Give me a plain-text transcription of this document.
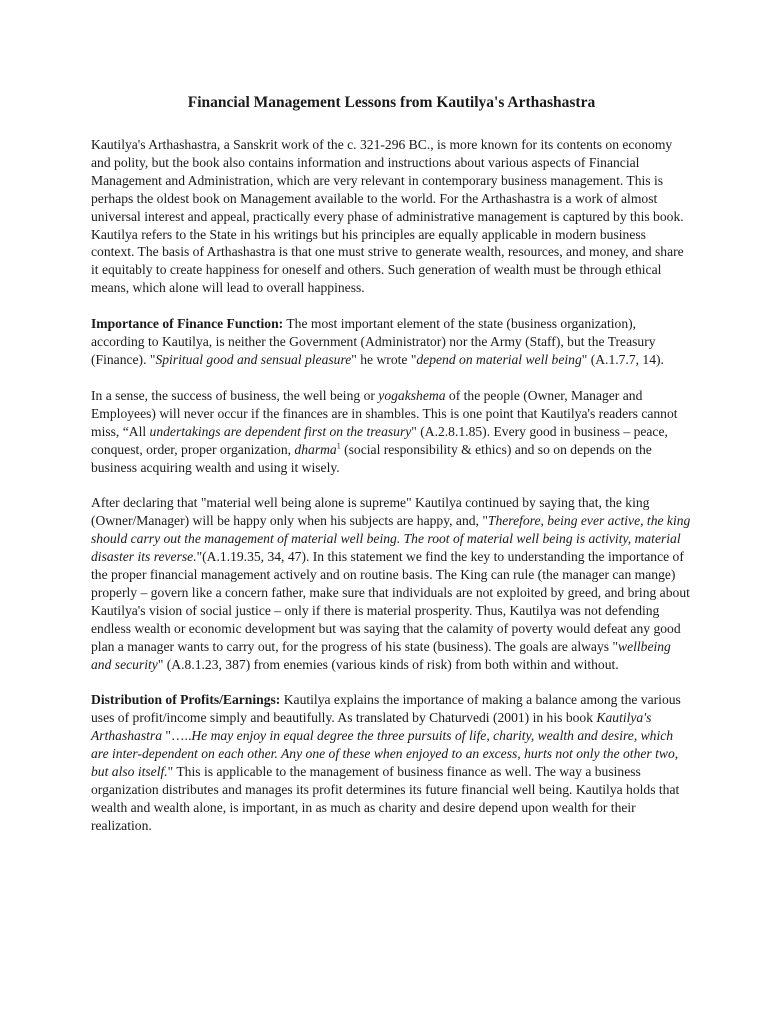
Financial Management Lessons from Kautilya's Arthashastra

Kautilya's Arthashastra, a Sanskrit work of the c. 321-296 BC., is more known for its contents on economy and polity, but the book also contains information and instructions about various aspects of Financial Management and Administration, which are very relevant in contemporary business management. This is perhaps the oldest book on Management available to the world. For the Arthashastra is a work of almost universal interest and appeal, practically every phase of administrative management is captured by this book. Kautilya refers to the State in his writings but his principles are equally applicable in modern business context. The basis of Arthashastra is that one must strive to generate wealth, resources, and money, and share it equitably to create happiness for oneself and others. Such generation of wealth must be through ethical means, which alone will lead to overall happiness.

Importance of Finance Function: The most important element of the state (business organization), according to Kautilya, is neither the Government (Administrator) nor the Army (Staff), but the Treasury (Finance). "Spiritual good and sensual pleasure" he wrote "depend on material well being" (A.1.7.7, 14).

In a sense, the success of business, the well being or yogakshema of the people (Owner, Manager and Employees) will never occur if the finances are in shambles. This is one point that Kautilya's readers cannot miss, “All undertakings are dependent first on the treasury" (A.2.8.1.85). Every good in business – peace, conquest, order, proper organization, dharma$^1$ (social responsibility & ethics) and so on depends on the business acquiring wealth and using it wisely.

After declaring that "material well being alone is supreme" Kautilya continued by saying that, the king (Owner/Manager) will be happy only when his subjects are happy, and, "Therefore, being ever active, the king should carry out the management of material well being. The root of material well being is activity, material disaster its reverse."(A.1.19.35, 34, 47). In this statement we find the key to understanding the importance of the proper financial management actively and on routine basis. The King can rule (the manager can mange) properly – govern like a concern father, make sure that individuals are not exploited by greed, and bring about Kautilya's vision of social justice – only if there is material prosperity. Thus, Kautilya was not defending endless wealth or economic development but was saying that the calamity of poverty would defeat any good plan a manager wants to carry out, for the progress of his state (business). The goals are always "wellbeing and security" (A.8.1.23, 387) from enemies (various kinds of risk) from both within and without.

Distribution of Profits/Earnings: Kautilya explains the importance of making a balance among the various uses of profit/income simply and beautifully. As translated by Chaturvedi (2001) in his book Kautilya's Arthashastra "…..He may enjoy in equal degree the three pursuits of life, charity, wealth and desire, which are inter-dependent on each other. Any one of these when enjoyed to an excess, hurts not only the other two, but also itself." This is applicable to the management of business finance as well. The way a business organization distributes and manages its profit determines its future financial well being. Kautilya holds that wealth and wealth alone, is important, in as much as charity and desire depend upon wealth for their realization.
